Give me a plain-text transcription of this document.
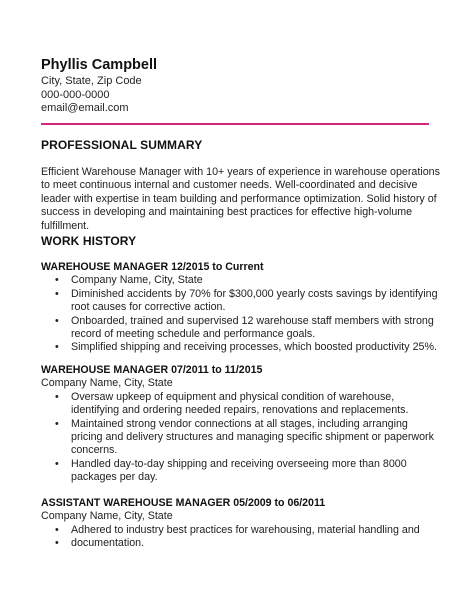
Phyllis Campbell
City, State, Zip Code
000-000-0000
email@email.com
PROFESSIONAL SUMMARY
Efficient Warehouse Manager with 10+ years of experience in warehouse operations to meet continuous internal and customer needs. Well-coordinated and decisive leader with expertise in team building and performance optimization. Solid history of success in developing and maintaining best practices for effective high-volume fulfillment.
WORK HISTORY
WAREHOUSE MANAGER 12/2015 to Current
• Company Name, City, State
• Diminished accidents by 70% for $300,000 yearly costs savings by identifying root causes for corrective action.
• Onboarded, trained and supervised 12 warehouse staff members with strong record of meeting schedule and performance goals.
• Simplified shipping and receiving processes, which boosted productivity 25%.
WAREHOUSE MANAGER 07/2011 to 11/2015
Company Name, City, State
• Oversaw upkeep of equipment and physical condition of warehouse, identifying and ordering needed repairs, renovations and replacements.
• Maintained strong vendor connections at all stages, including arranging pricing and delivery structures and managing specific shipment or paperwork concerns.
• Handled day-to-day shipping and receiving overseeing more than 8000 packages per day.
ASSISTANT WAREHOUSE MANAGER 05/2009 to 06/2011
Company Name, City, State
• Adhered to industry best practices for warehousing, material handling and
• documentation.
